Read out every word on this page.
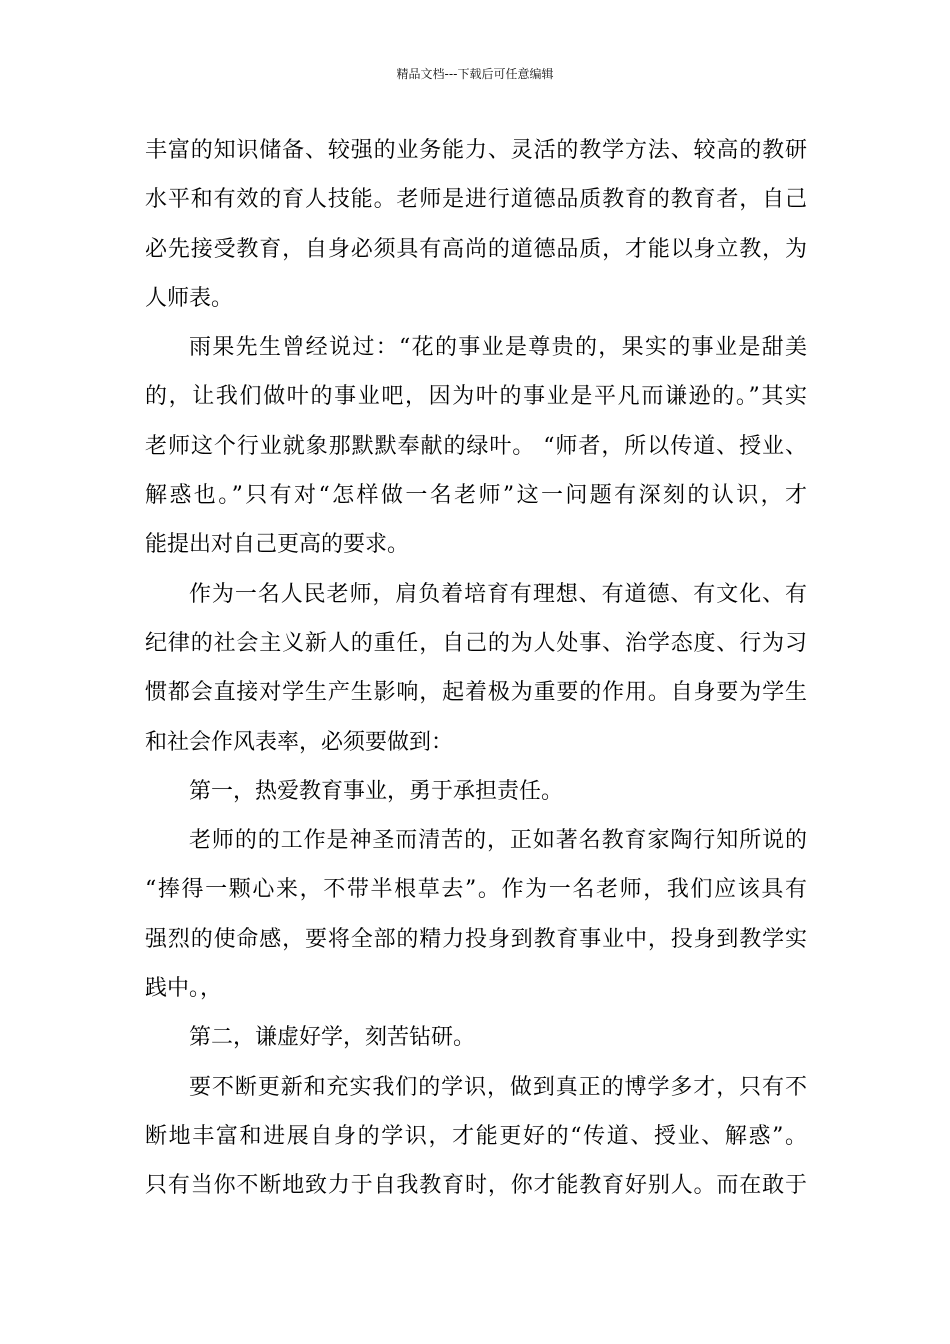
精品文档---下载后可任意编辑
丰富的知识储备、较强的业务能力、灵活的教学方法、较高的教研
水平和有效的育人技能。老师是进行道德品质教育的教育者，自己
必先接受教育，自身必须具有高尚的道德品质，才能以身立教，为
人师表。
雨果先生曾经说过：“花的事业是尊贵的，果实的事业是甜美
的，让我们做叶的事业吧，因为叶的事业是平凡而谦逊的。”其实
老师这个行业就象那默默奉献的绿叶。 “师者，所以传道、授业、
解惑也。”只有对“怎样做一名老师”这一问题有深刻的认识，才
能提出对自己更高的要求。
作为一名人民老师，肩负着培育有理想、有道德、有文化、有
纪律的社会主义新人的重任，自己的为人处事、治学态度、行为习
惯都会直接对学生产生影响，起着极为重要的作用。自身要为学生
和社会作风表率，必须要做到：
第一，热爱教育事业，勇于承担责任。
老师的的工作是神圣而清苦的，正如著名教育家陶行知所说的
“捧得一颗心来，不带半根草去”。作为一名老师，我们应该具有
强烈的使命感，要将全部的精力投身到教育事业中，投身到教学实
践中。，
第二，谦虚好学，刻苦钻研。
要不断更新和充实我们的学识，做到真正的博学多才，只有不
断地丰富和进展自身的学识，才能更好的“传道、授业、解惑”。
只有当你不断地致力于自我教育时，你才能教育好别人。而在敢于
